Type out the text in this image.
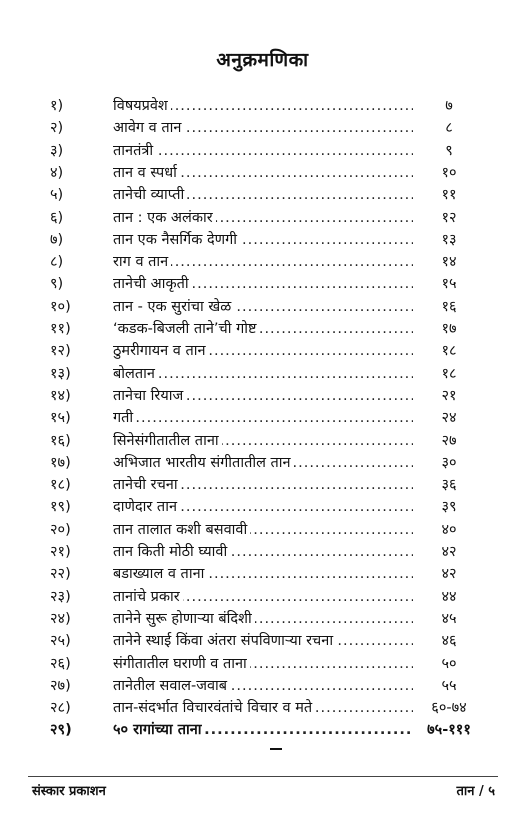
अनुक्रमणिका
१)	विषयप्रवेश .....	७
२)	आवेग व तान .....	८
३)	तानतंत्री .....	९
४)	तान व स्पर्धा .....	१०
५)	तानेची व्याप्ती .....	११
६)	तान : एक अलंकार .....	१२
७)	तान एक नैसर्गिक देणगी .....	१३
८)	राग व तान .....	१४
९)	तानेची आकृती .....	१५
१०)	तान - एक सुरांचा खेळ .....	१६
११)	‘कडक-बिजली ताने’ची गोष्ट .....	१७
१२)	ठुमरीगायन व तान .....	१८
१३)	बोलतान .....	१८
१४)	तानेचा रियाज .....	२१
१५)	गती .....	२४
१६)	सिनेसंगीतातील ताना .....	२७
१७)	अभिजात भारतीय संगीतातील तान .....	३०
१८)	तानेची रचना .....	३६
१९)	दाणेदार तान .....	३९
२०)	तान तालात कशी बसवावी .....	४०
२१)	तान किती मोठी घ्यावी .....	४२
२२)	बडाख्याल व ताना .....	४२
२३)	तानांचे प्रकार .....	४४
२४)	तानेने सुरू होणाऱ्या बंदिशी .....	४५
२५)	तानेने स्थाई किंवा अंतरा संपविणाऱ्या रचना .....	४६
२६)	संगीतातील घराणी व ताना .....	५०
२७)	तानेतील सवाल-जवाब .....	५५
२८)	तान-संदर्भात विचारवंतांचे विचार व मते .....	६०-७४
२९)	५० रागांच्या ताना .....	७५-१११
संस्कार प्रकाशन	तान / ५
